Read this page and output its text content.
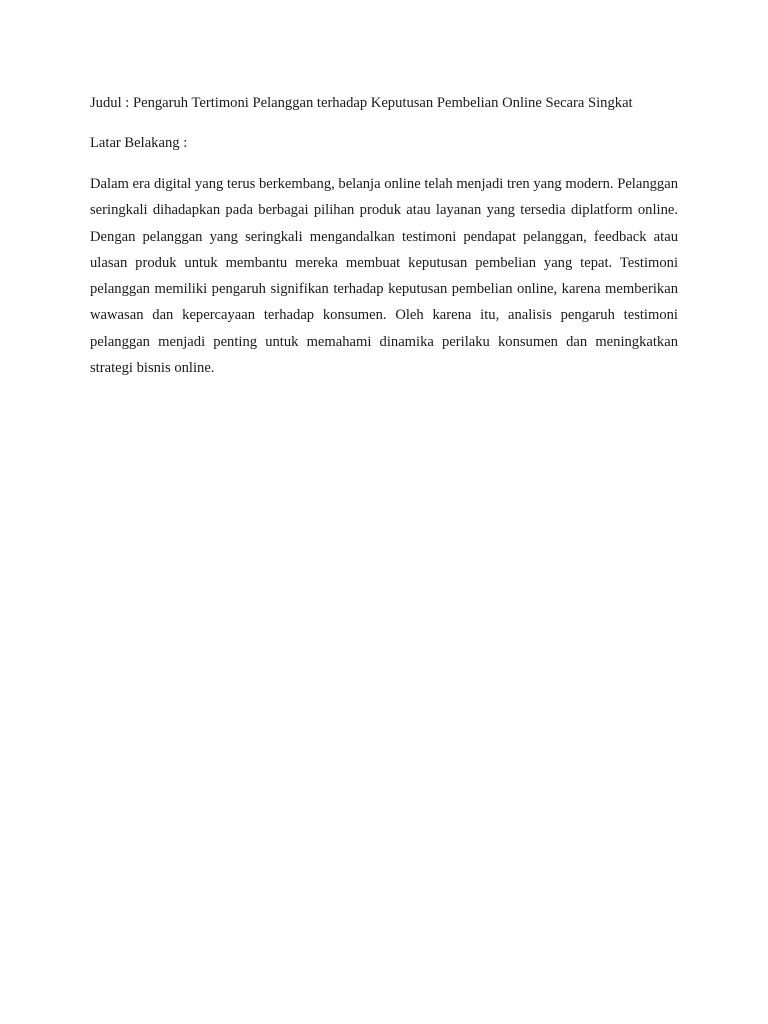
Judul : Pengaruh Tertimoni Pelanggan terhadap Keputusan Pembelian Online Secara Singkat

Latar Belakang :

Dalam era digital yang terus berkembang, belanja online telah menjadi tren yang modern. Pelanggan seringkali dihadapkan pada berbagai pilihan produk atau layanan yang tersedia diplatform online. Dengan pelanggan yang seringkali mengandalkan testimoni pendapat pelanggan, feedback atau ulasan produk untuk membantu mereka membuat keputusan pembelian yang tepat. Testimoni pelanggan memiliki pengaruh signifikan terhadap keputusan pembelian online, karena memberikan wawasan dan kepercayaan terhadap konsumen. Oleh karena itu, analisis pengaruh testimoni pelanggan menjadi penting untuk memahami dinamika perilaku konsumen dan meningkatkan strategi bisnis online.
